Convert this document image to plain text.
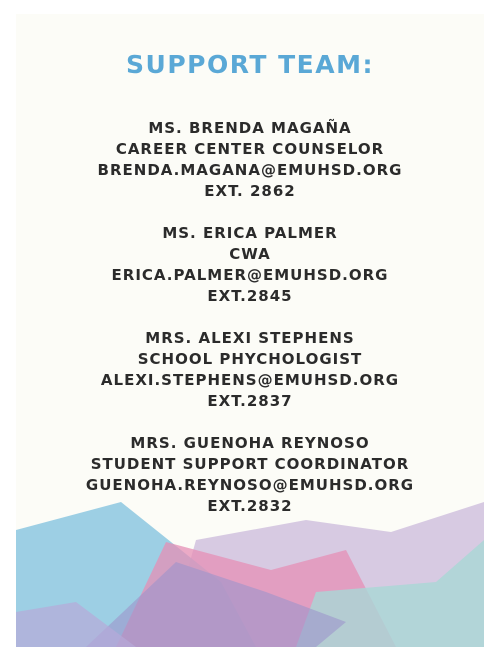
SUPPORT TEAM:
MS. BRENDA MAGAÑA
CAREER CENTER COUNSELOR
BRENDA.MAGANA@EMUHSD.ORG
EXT. 2862
MS. ERICA PALMER
CWA
ERICA.PALMER@EMUHSD.ORG
EXT.2845
MRS. ALEXI STEPHENS
SCHOOL PHYCHOLOGIST
ALEXI.STEPHENS@EMUHSD.ORG
EXT.2837
MRS. GUENOHA REYNOSO
STUDENT SUPPORT COORDINATOR
GUENOHA.REYNOSO@EMUHSD.ORG
EXT.2832
